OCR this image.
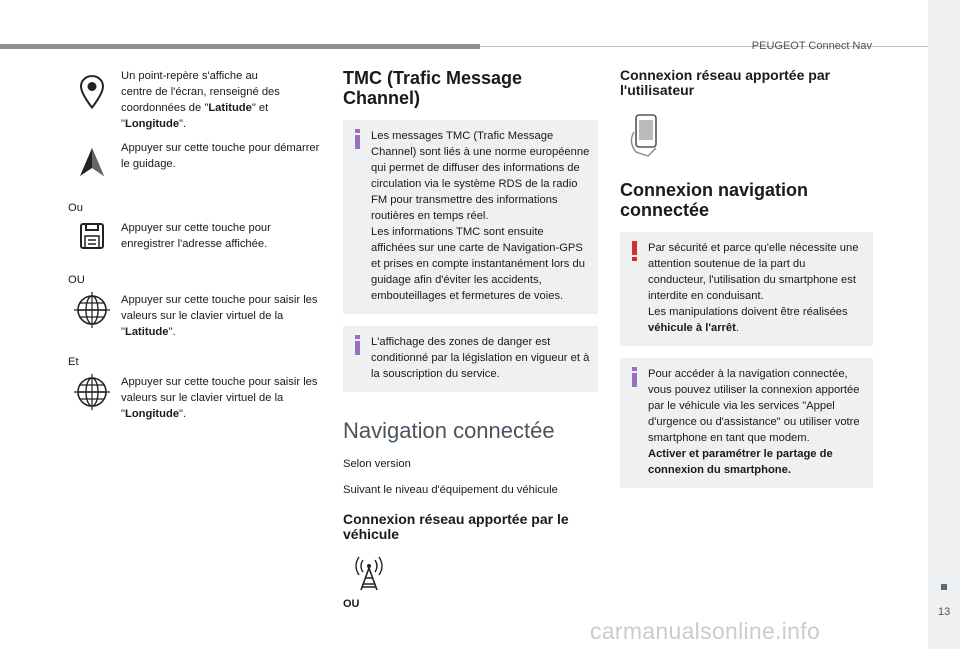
PEUGEOT Connect Nav
13
carmanualsonline.info
Un point-repère s'affiche au
centre de l'écran, renseigné des
coordonnées de "Latitude" et
"Longitude".
Appuyer sur cette touche pour démarrer le guidage.
Ou
Appuyer sur cette touche pour enregistrer l'adresse affichée.
OU
Appuyer sur cette touche pour saisir les valeurs sur le clavier virtuel de la "Latitude".
Et
Appuyer sur cette touche pour saisir les valeurs sur le clavier virtuel de la "Longitude".
TMC (Trafic Message Channel)
Les messages TMC (Trafic Message Channel) sont liés à une norme européenne qui permet de diffuser des informations de circulation via le système RDS de la radio FM pour transmettre des informations routières en temps réel.
Les informations TMC sont ensuite affichées sur une carte de Navigation-GPS et prises en compte instantanément lors du guidage afin d'éviter les accidents, embouteillages et fermetures de voies.
L'affichage des zones de danger est conditionné par la législation en vigueur et à la souscription du service.
Navigation connectée

Selon version

Suivant le niveau d'équipement du véhicule

Connexion réseau apportée par le véhicule
OU
Connexion réseau apportée par l'utilisateur
Connexion navigation connectée
Par sécurité et parce qu'elle nécessite une attention soutenue de la part du conducteur, l'utilisation du smartphone est interdite en conduisant.
Les manipulations doivent être réalisées véhicule à l'arrêt.
Pour accéder à la navigation connectée, vous pouvez utiliser la connexion apportée par le véhicule via les services "Appel d'urgence ou d'assistance" ou utiliser votre smartphone en tant que modem.
Activer et paramétrer le partage de connexion du smartphone.
